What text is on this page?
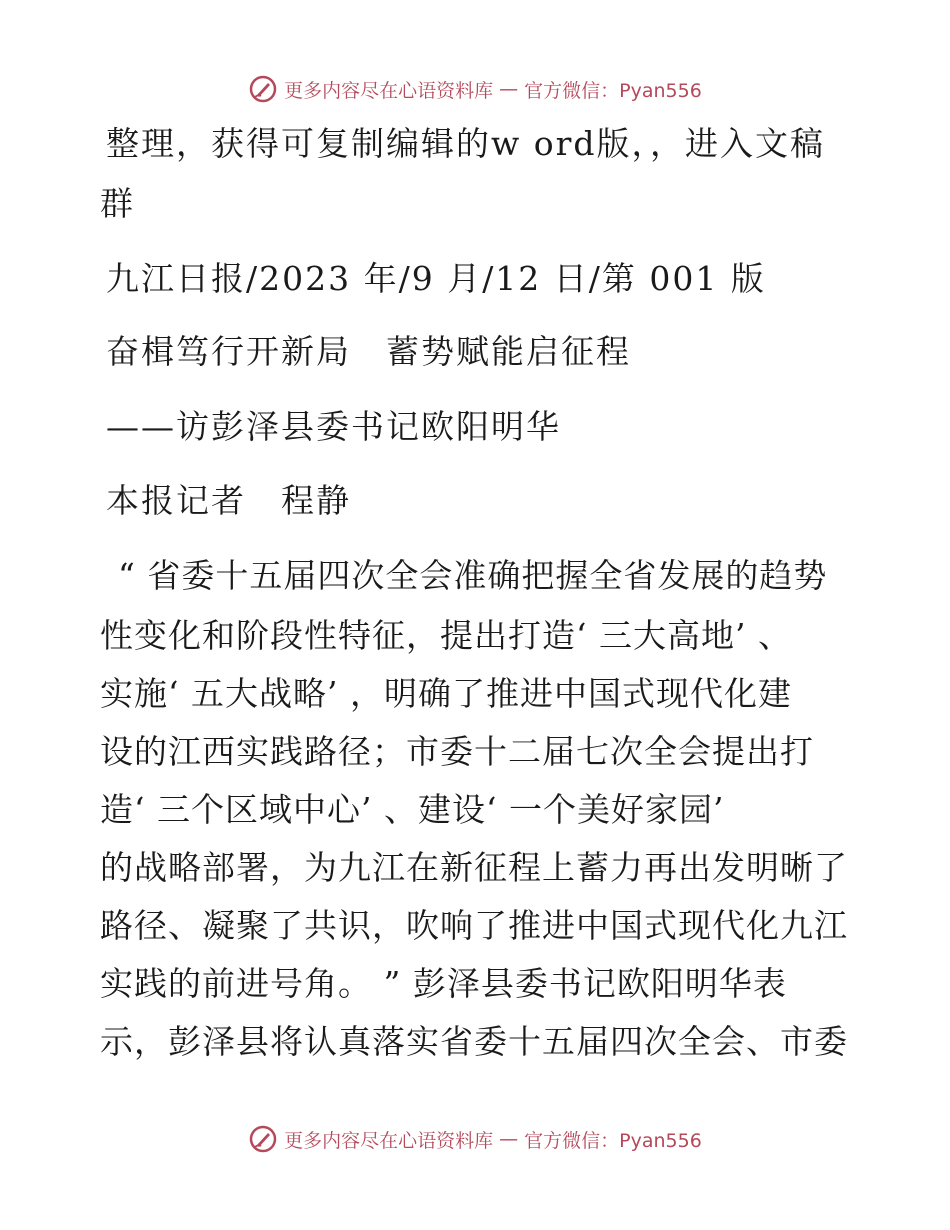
更多内容尽在心语资料库 — 官方微信：Pyan556
整理，获得可复制编辑的w ord版，，进入文稿
群
九江日报/2023 年/9 月/12 日/第 001 版
奋楫笃行开新局　蓄势赋能启征程
——访彭泽县委书记欧阳明华
本报记者　程静
“ 省委十五届四次全会准确把握全省发展的趋势
性变化和阶段性特征，提出打造‘ 三大高地’ 、
实施‘ 五大战略’ ，明确了推进中国式现代化建
设的江西实践路径；市委十二届七次全会提出打
造‘ 三个区域中心’ 、建设‘ 一个美好家园’
的战略部署，为九江在新征程上蓄力再出发明晰了
路径、凝聚了共识，吹响了推进中国式现代化九江
实践的前进号角。 ” 彭泽县委书记欧阳明华表
示，彭泽县将认真落实省委十五届四次全会、市委
更多内容尽在心语资料库 — 官方微信：Pyan556
